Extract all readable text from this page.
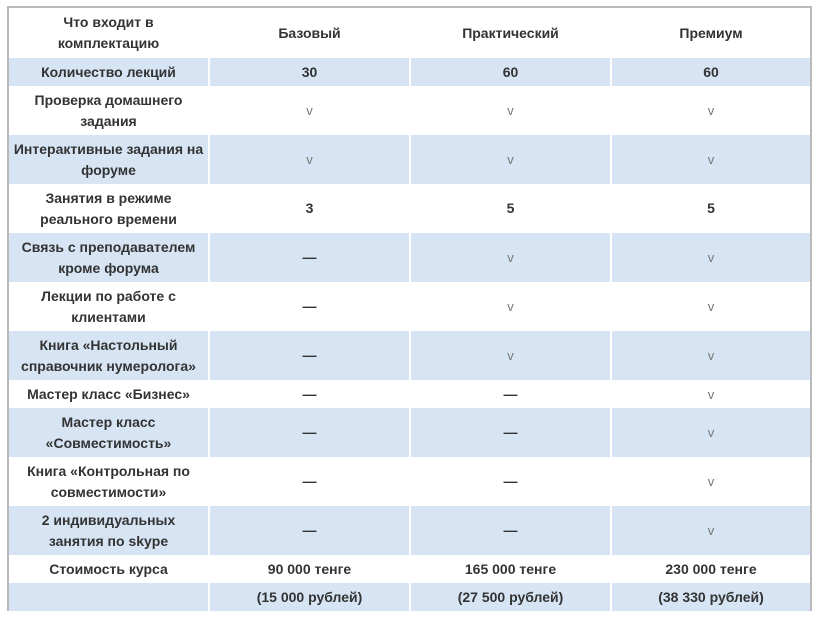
Что входит в комплектацию	Базовый	Практический	Премиум
Количество лекций	30	60	60
Проверка домашнего задания	v	v	v
Интерактивные задания на форуме	v	v	v
Занятия в режиме реального времени	3	5	5
Связь с преподавателем кроме форума	—	v	v
Лекции по работе с клиентами	—	v	v
Книга «Настольный справочник нумеролога»	—	v	v
Мастер класс «Бизнес»	—	—	v
Мастер класс «Совместимость»	—	—	v
Книга «Контрольная по совместимости»	—	—	v
2 индивидуальных занятия по skype	—	—	v
Стоимость курса	90 000 тенге	165 000 тенге	230 000 тенге
	(15 000 рублей)	(27 500 рублей)	(38 330 рублей)
